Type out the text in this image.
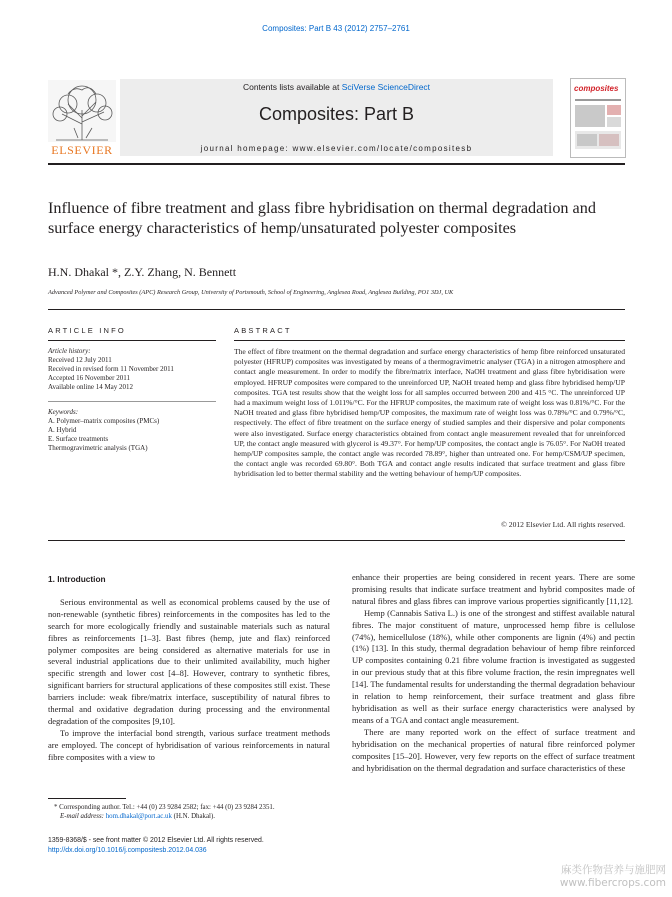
Composites: Part B 43 (2012) 2757–2761
ELSEVIER
Contents lists available at SciVerse ScienceDirect
Composites: Part B
journal homepage: www.elsevier.com/locate/compositesb
composites
Influence of fibre treatment and glass fibre hybridisation on thermal degradation and surface energy characteristics of hemp/unsaturated polyester composites
H.N. Dhakal *, Z.Y. Zhang, N. Bennett
Advanced Polymer and Composites (APC) Research Group, University of Portsmouth, School of Engineering, Anglesea Road, Anglesea Building, PO1 3DJ, UK
ARTICLE INFO
Article history:
Received 12 July 2011
Received in revised form 11 November 2011
Accepted 16 November 2011
Available online 14 May 2012
Keywords:
A. Polymer–matrix composites (PMCs)
A. Hybrid
E. Surface treatments
Thermogravimetric analysis (TGA)
ABSTRACT
The effect of fibre treatment on the thermal degradation and surface energy characteristics of hemp fibre reinforced unsaturated polyester (HFRUP) composites was investigated by means of a thermogravimetric analyser (TGA) in a nitrogen atmosphere and contact angle measurement. In order to modify the fibre/matrix interface, NaOH treatment and glass fibre hybridisation were employed. HFRUP composites were compared to the unreinforced UP, NaOH treated hemp and glass fibre hybridised hemp/UP composites. TGA test results show that the weight loss for all samples occurred between 200 and 415 °C. The unreinforced UP had a maximum weight loss of 1.011%/°C. For the HFRUP composites, the maximum rate of weight loss was 0.81%/°C. For the NaOH treated and glass fibre hybridised hemp/UP composites, the maximum rate of weight loss was 0.78%/°C and 0.79%/°C, respectively. The effect of fibre treatment on the surface energy of studied samples and their dispersive and polar components were also investigated. Surface energy characteristics obtained from contact angle measurement revealed that for unreinforced UP, the contact angle measured with glycerol is 49.37°. For hemp/UP composites, the contact angle is 76.05°. For NaOH treated hemp/UP composites sample, the contact angle was recorded 78.89°, higher than untreated one. For hemp/CSM/UP specimen, the contact angle was recorded 69.80°. Both TGA and contact angle results indicated that surface treatment and glass fibre hybridisation led to better thermal stability and the wetting behaviour of hemp/UP composites.
© 2012 Elsevier Ltd. All rights reserved.
1. Introduction

Serious environmental as well as economical problems caused by the use of non-renewable (synthetic fibres) reinforcements in the composites has led to the search for more ecologically friendly and sustainable materials such as natural fibres as reinforcements [1–3]. Bast fibres (hemp, jute and flax) reinforced polymer composites are being considered as alternative materials for use in several industrial applications due to their unlimited availability, much higher specific strength and lower cost [4–8]. However, contrary to synthetic fibres, significant barriers for structural applications of these composites still exist. These barriers include: weak fibre/matrix interface, susceptibility of natural fibres to thermal and oxidative degradation during processing and the environmental degradation of the composites [9,10].

To improve the interfacial bond strength, various surface treatment methods are employed. The concept of hybridisation of various reinforcements in natural fibre composites with a view to

enhance their properties are being considered in recent years. There are some promising results that indicate surface treatment and hybrid composites made of natural fibres and glass fibres can improve various properties significantly [11,12].

Hemp (Cannabis Sativa L.) is one of the strongest and stiffest available natural fibres. The major constituent of mature, unprocessed hemp fibre is cellulose (74%), hemicellulose (18%), while other components are lignin (4%) and pectin (1%) [13]. In this study, thermal degradation behaviour of hemp fibre reinforced UP composites containing 0.21 fibre volume fraction is investigated as suggested in our previous study that at this fibre volume fraction, the resin impregnates well [14]. The fundamental results for understanding the thermal degradation behaviour in relation to hemp reinforcement, their surface treatment and glass fibre hybridisation as well as their surface energy characteristics were analysed by means of a TGA and contact angle measurement.

There are many reported work on the effect of surface treatment and hybridisation on the mechanical properties of natural fibre reinforced polymer composites [15–20]. However, very few reports on the effect of surface treatment and hybridisation on the thermal degradation and surface characteristics of these

* Corresponding author. Tel.: +44 (0) 23 9284 2582; fax: +44 (0) 23 9284 2351.
E-mail address: hom.dhakal@port.ac.uk (H.N. Dhakal).
1359-8368/$ - see front matter © 2012 Elsevier Ltd. All rights reserved.
http://dx.doi.org/10.1016/j.compositesb.2012.04.036
麻类作物营养与施肥网
www.fibercrops.com
